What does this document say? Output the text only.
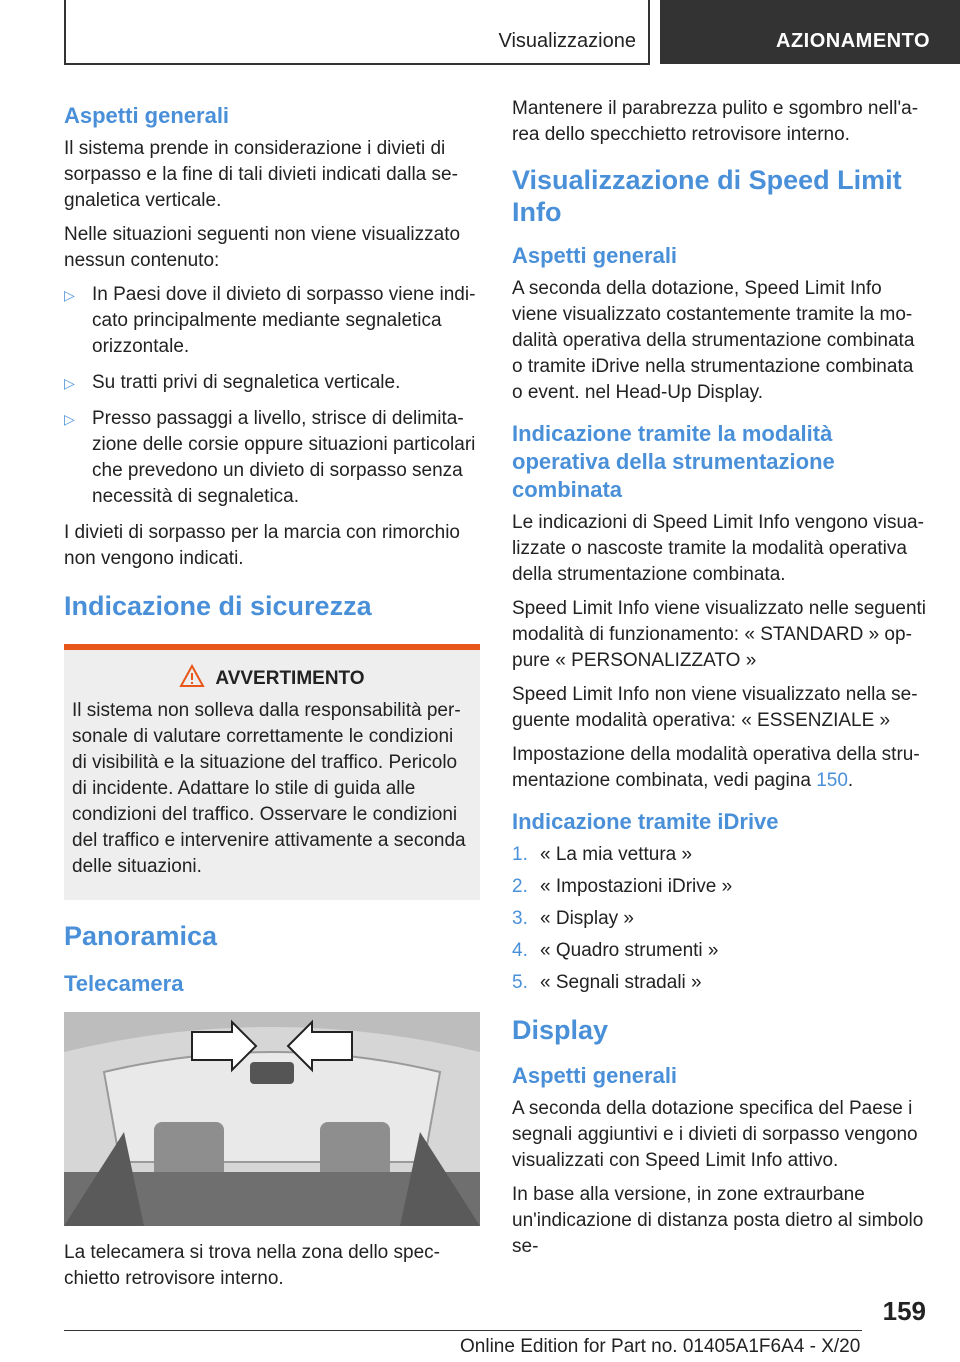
Visualizzazione	AZIONAMENTO
Aspetti generali

Il sistema prende in considerazione i divieti di sorpasso e la fine di tali divieti indicati dalla segnaletica verticale.

Nelle situazioni seguenti non viene visualizzato nessun contenuto:

▷ In Paesi dove il divieto di sorpasso viene indicato principalmente mediante segnaletica orizzontale.
▷ Su tratti privi di segnaletica verticale.
▷ Presso passaggi a livello, strisce di delimitazione delle corsie oppure situazioni particolari che prevedono un divieto di sorpasso senza necessità di segnaletica.

I divieti di sorpasso per la marcia con rimorchio non vengono indicati.

Indicazione di sicurezza
AVVERTIMENTO

Il sistema non solleva dalla responsabilità personale di valutare correttamente le condizioni di visibilità e la situazione del traffico. Pericolo di incidente. Adattare lo stile di guida alle condizioni del traffico. Osservare le condizioni del traffico e intervenire attivamente a seconda delle situazioni.

Panoramica
Telecamera

La telecamera si trova nella zona dello specchietto retrovisore interno.

Mantenere il parabrezza pulito e sgombro nell'area dello specchietto retrovisore interno.

Visualizzazione di Speed Limit Info
Aspetti generali

A seconda della dotazione, Speed Limit Info viene visualizzato costantemente tramite la modalità operativa della strumentazione combinata o tramite iDrive nella strumentazione combinata o event. nel Head-Up Display.

Indicazione tramite la modalità operativa della strumentazione combinata

Le indicazioni di Speed Limit Info vengono visualizzate o nascoste tramite la modalità operativa della strumentazione combinata.

Speed Limit Info viene visualizzato nelle seguenti modalità di funzionamento: « STANDARD » oppure « PERSONALIZZATO »

Speed Limit Info non viene visualizzato nella seguente modalità operativa: « ESSENZIALE »

Impostazione della modalità operativa della strumentazione combinata, vedi pagina 150.

Indicazione tramite iDrive
1. « La mia vettura »
2. « Impostazioni iDrive »
3. « Display »
4. « Quadro strumenti »
5. « Segnali stradali »
Display
Aspetti generali

A seconda della dotazione specifica del Paese i segnali aggiuntivi e i divieti di sorpasso vengono visualizzati con Speed Limit Info attivo.

In base alla versione, in zone extraurbane un'indicazione di distanza posta dietro al simbolo se-

159
Online Edition for Part no. 01405A1F6A4 - X/20
